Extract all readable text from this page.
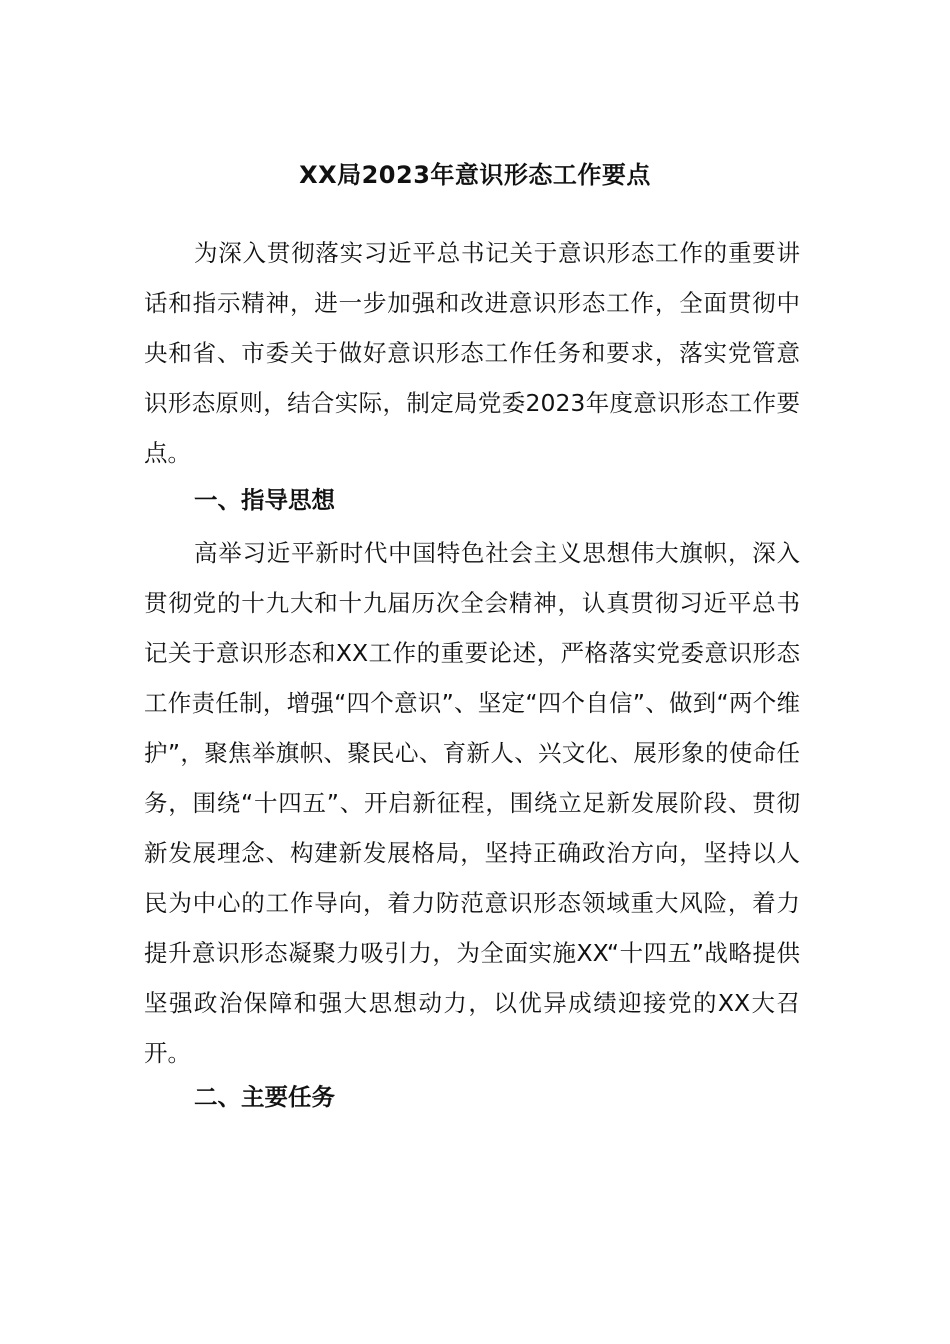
XX局2023年意识形态工作要点

为深入贯彻落实习近平总书记关于意识形态工作的重要讲话和指示精神，进一步加强和改进意识形态工作，全面贯彻中央和省、市委关于做好意识形态工作任务和要求，落实党管意识形态原则，结合实际，制定局党委2023年度意识形态工作要点。

一、指导思想

高举习近平新时代中国特色社会主义思想伟大旗帜，深入贯彻党的十九大和十九届历次全会精神，认真贯彻习近平总书记关于意识形态和XX工作的重要论述，严格落实党委意识形态工作责任制，增强“四个意识”、坚定“四个自信”、做到“两个维护”，聚焦举旗帜、聚民心、育新人、兴文化、展形象的使命任务，围绕“十四五”、开启新征程，围绕立足新发展阶段、贯彻新发展理念、构建新发展格局，坚持正确政治方向，坚持以人民为中心的工作导向，着力防范意识形态领域重大风险，着力提升意识形态凝聚力吸引力，为全面实施XX“十四五”战略提供坚强政治保障和强大思想动力，以优异成绩迎接党的XX大召开。

二、主要任务
